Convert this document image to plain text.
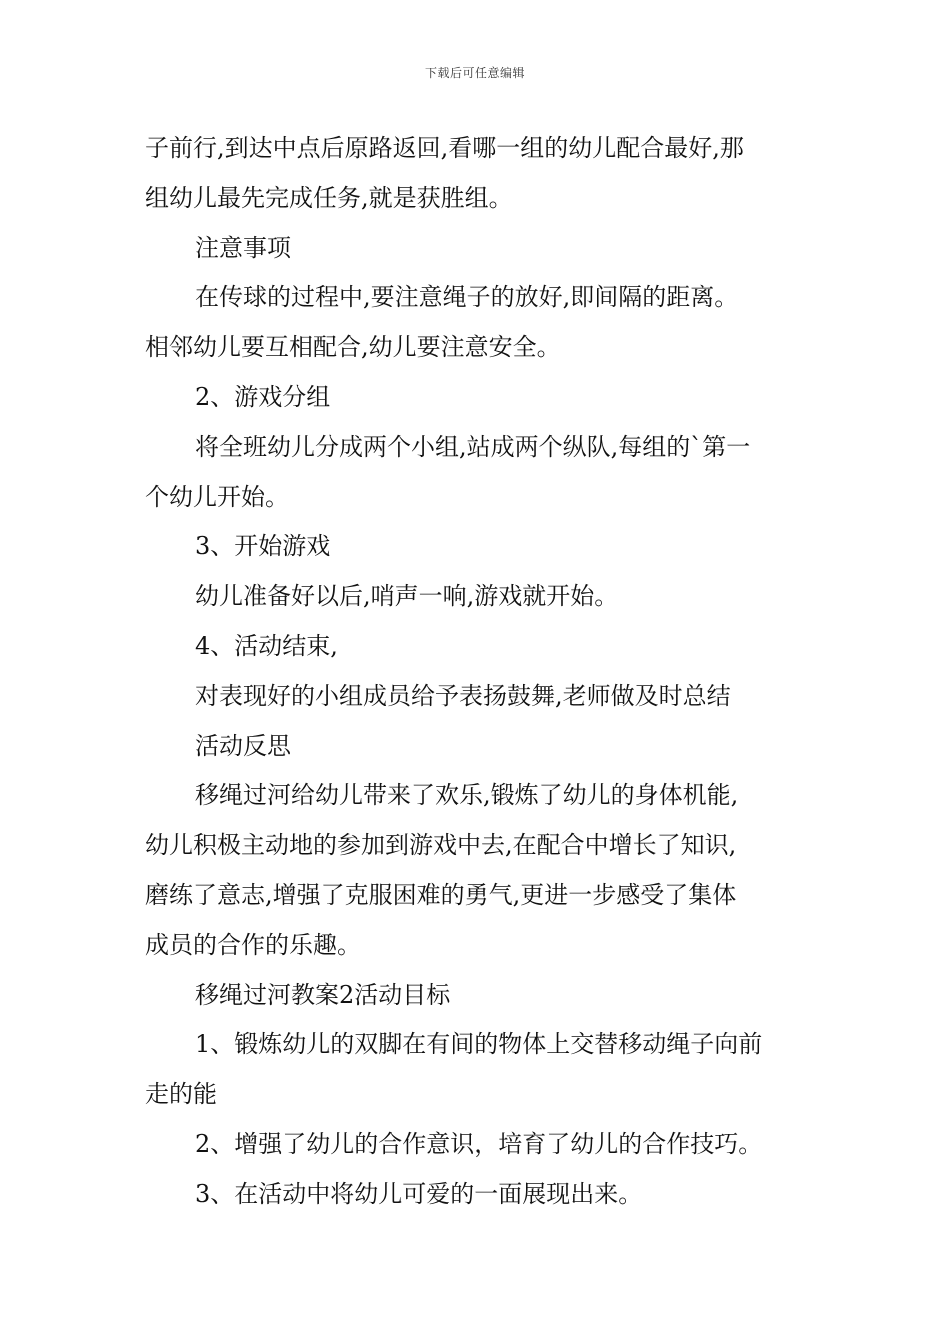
下载后可任意编辑
子前行,到达中点后原路返回,看哪一组的幼儿配合最好,那
组幼儿最先完成任务,就是获胜组。
注意事项
在传球的过程中,要注意绳子的放好,即间隔的距离。
相邻幼儿要互相配合,幼儿要注意安全。
2、游戏分组
将全班幼儿分成两个小组,站成两个纵队,每组的`第一
个幼儿开始。
3、开始游戏
幼儿准备好以后,哨声一响,游戏就开始。
4、活动结束,
对表现好的小组成员给予表扬鼓舞,老师做及时总结
活动反思
移绳过河给幼儿带来了欢乐,锻炼了幼儿的身体机能,
幼儿积极主动地的参加到游戏中去,在配合中增长了知识,
磨练了意志,增强了克服困难的勇气,更进一步感受了集体
成员的合作的乐趣。
移绳过河教案2活动目标
1、锻炼幼儿的双脚在有间的物体上交替移动绳子向前
走的能
2、增强了幼儿的合作意识，培育了幼儿的合作技巧。
3、在活动中将幼儿可爱的一面展现出来。
